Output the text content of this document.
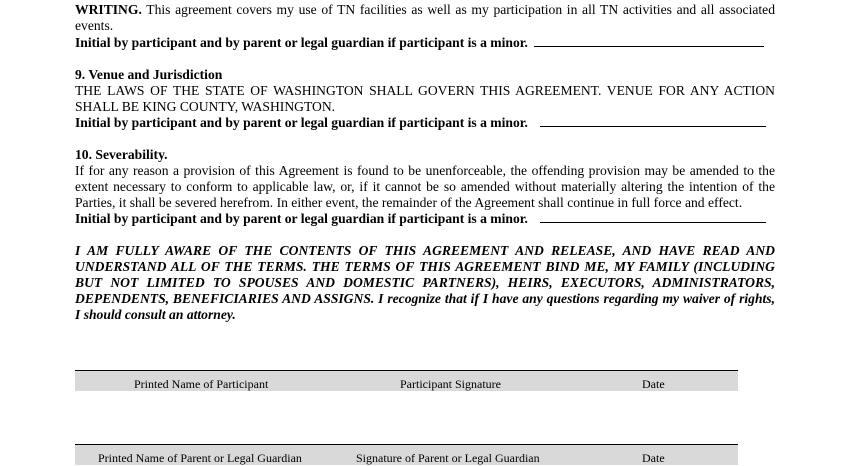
WRITING. This agreement covers my use of TN facilities as well as my participation in all TN activities and all associated events.

Initial by participant and by parent or legal guardian if participant is a minor.

9. Venue and Jurisdiction

THE LAWS OF THE STATE OF WASHINGTON SHALL GOVERN THIS AGREEMENT. VENUE FOR ANY ACTION SHALL BE KING COUNTY, WASHINGTON.

Initial by participant and by parent or legal guardian if participant is a minor.

10. Severability.

If for any reason a provision of this Agreement is found to be unenforceable, the offending provision may be amended to the extent necessary to conform to applicable law, or, if it cannot be so amended without materially altering the intention of the Parties, it shall be severed herefrom. In either event, the remainder of the Agreement shall continue in full force and effect.

Initial by participant and by parent or legal guardian if participant is a minor.

I AM FULLY AWARE OF THE CONTENTS OF THIS AGREEMENT AND RELEASE, AND HAVE READ AND UNDERSTAND ALL OF THE TERMS. THE TERMS OF THIS AGREEMENT BIND ME, MY FAMILY (INCLUDING BUT NOT LIMITED TO SPOUSES AND DOMESTIC PARTNERS), HEIRS, EXECUTORS, ADMINISTRATORS, DEPENDENTS, BENEFICIARIES AND ASSIGNS. I recognize that if I have any questions regarding my waiver of rights, I should consult an attorney.

Printed Name of Participant	Participant Signature	Date
Printed Name of Parent or Legal Guardian	Signature of Parent or Legal Guardian	Date
